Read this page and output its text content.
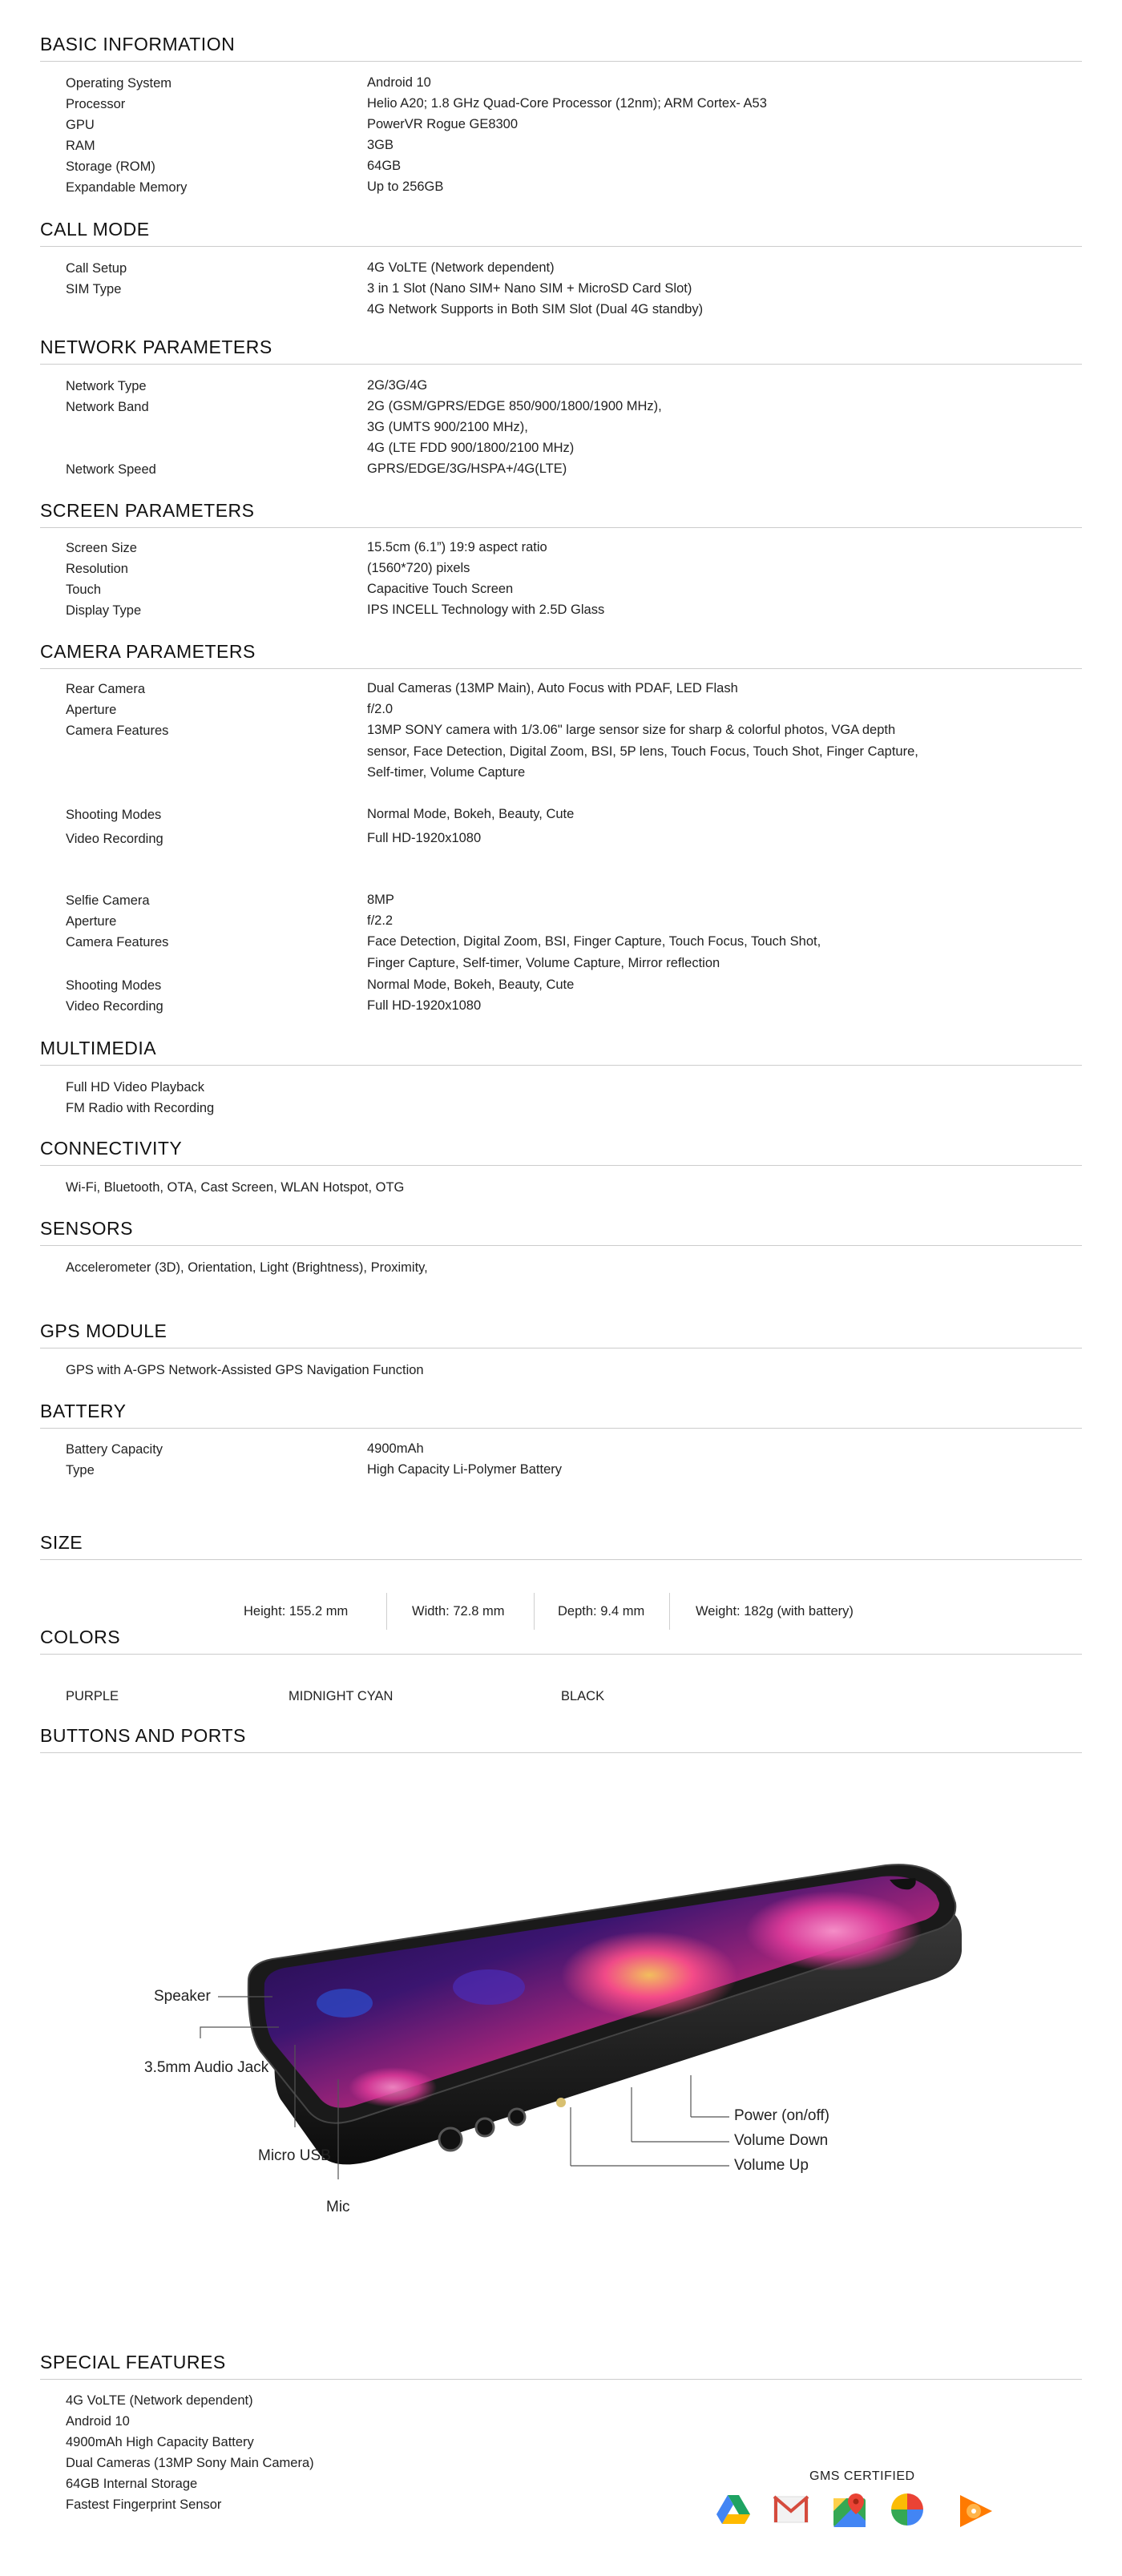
BASIC INFORMATION
Operating System	Android 10
Processor	Helio A20; 1.8 GHz Quad-Core Processor (12nm); ARM Cortex- A53
GPU	PowerVR Rogue GE8300
RAM	3GB
Storage (ROM)	64GB
Expandable Memory	Up to 256GB
CALL MODE
Call Setup	4G VoLTE (Network dependent)
SIM Type	3 in 1 Slot (Nano SIM+ Nano SIM + MicroSD Card Slot)
4G Network Supports in Both SIM Slot (Dual 4G standby)
NETWORK PARAMETERS
Network Type	2G/3G/4G
Network Band	2G (GSM/GPRS/EDGE 850/900/1800/1900 MHz),
3G (UMTS 900/2100 MHz),
4G (LTE FDD 900/1800/2100 MHz)
Network Speed	GPRS/EDGE/3G/HSPA+/4G(LTE)
SCREEN PARAMETERS
Screen Size	15.5cm (6.1”) 19:9 aspect ratio
Resolution	(1560*720) pixels
Touch	Capacitive Touch Screen
Display Type	IPS INCELL Technology with 2.5D Glass
CAMERA PARAMETERS
Rear Camera	Dual Cameras (13MP Main), Auto Focus with PDAF, LED Flash
Aperture	f/2.0
Camera Features	13MP SONY camera with 1/3.06" large sensor size for sharp & colorful photos, VGA depth sensor, Face Detection, Digital Zoom, BSI, 5P lens, Touch Focus, Touch Shot, Finger Capture, Self-timer, Volume Capture
Shooting Modes	Normal Mode, Bokeh, Beauty, Cute
Video Recording	Full HD-1920x1080
Selfie Camera	8MP
Aperture	f/2.2
Camera Features	Face Detection, Digital Zoom, BSI, Finger Capture, Touch Focus, Touch Shot, Finger Capture, Self-timer, Volume Capture, Mirror reflection
Shooting Modes	Normal Mode, Bokeh, Beauty, Cute
Video Recording	Full HD-1920x1080
MULTIMEDIA
Full HD Video Playback
FM Radio with Recording
CONNECTIVITY
Wi-Fi, Bluetooth, OTA, Cast Screen, WLAN Hotspot, OTG
SENSORS
Accelerometer (3D), Orientation, Light (Brightness), Proximity,
GPS MODULE
GPS with A-GPS Network-Assisted GPS Navigation Function
BATTERY
Battery Capacity	4900mAh
Type	High Capacity Li-Polymer Battery
SIZE
Height: 155.2 mm	Width: 72.8 mm	Depth: 9.4 mm	Weight: 182g (with battery)
COLORS
PURPLE	MIDNIGHT CYAN	BLACK
BUTTONS AND PORTS
Speaker
3.5mm Audio Jack
Micro USB
Mic
Power (on/off)
Volume Down
Volume Up
SPECIAL FEATURES
4G VoLTE (Network dependent)
Android 10
4900mAh High Capacity Battery
Dual Cameras (13MP Sony Main Camera)
64GB Internal Storage
Fastest Fingerprint Sensor
GMS CERTIFIED
